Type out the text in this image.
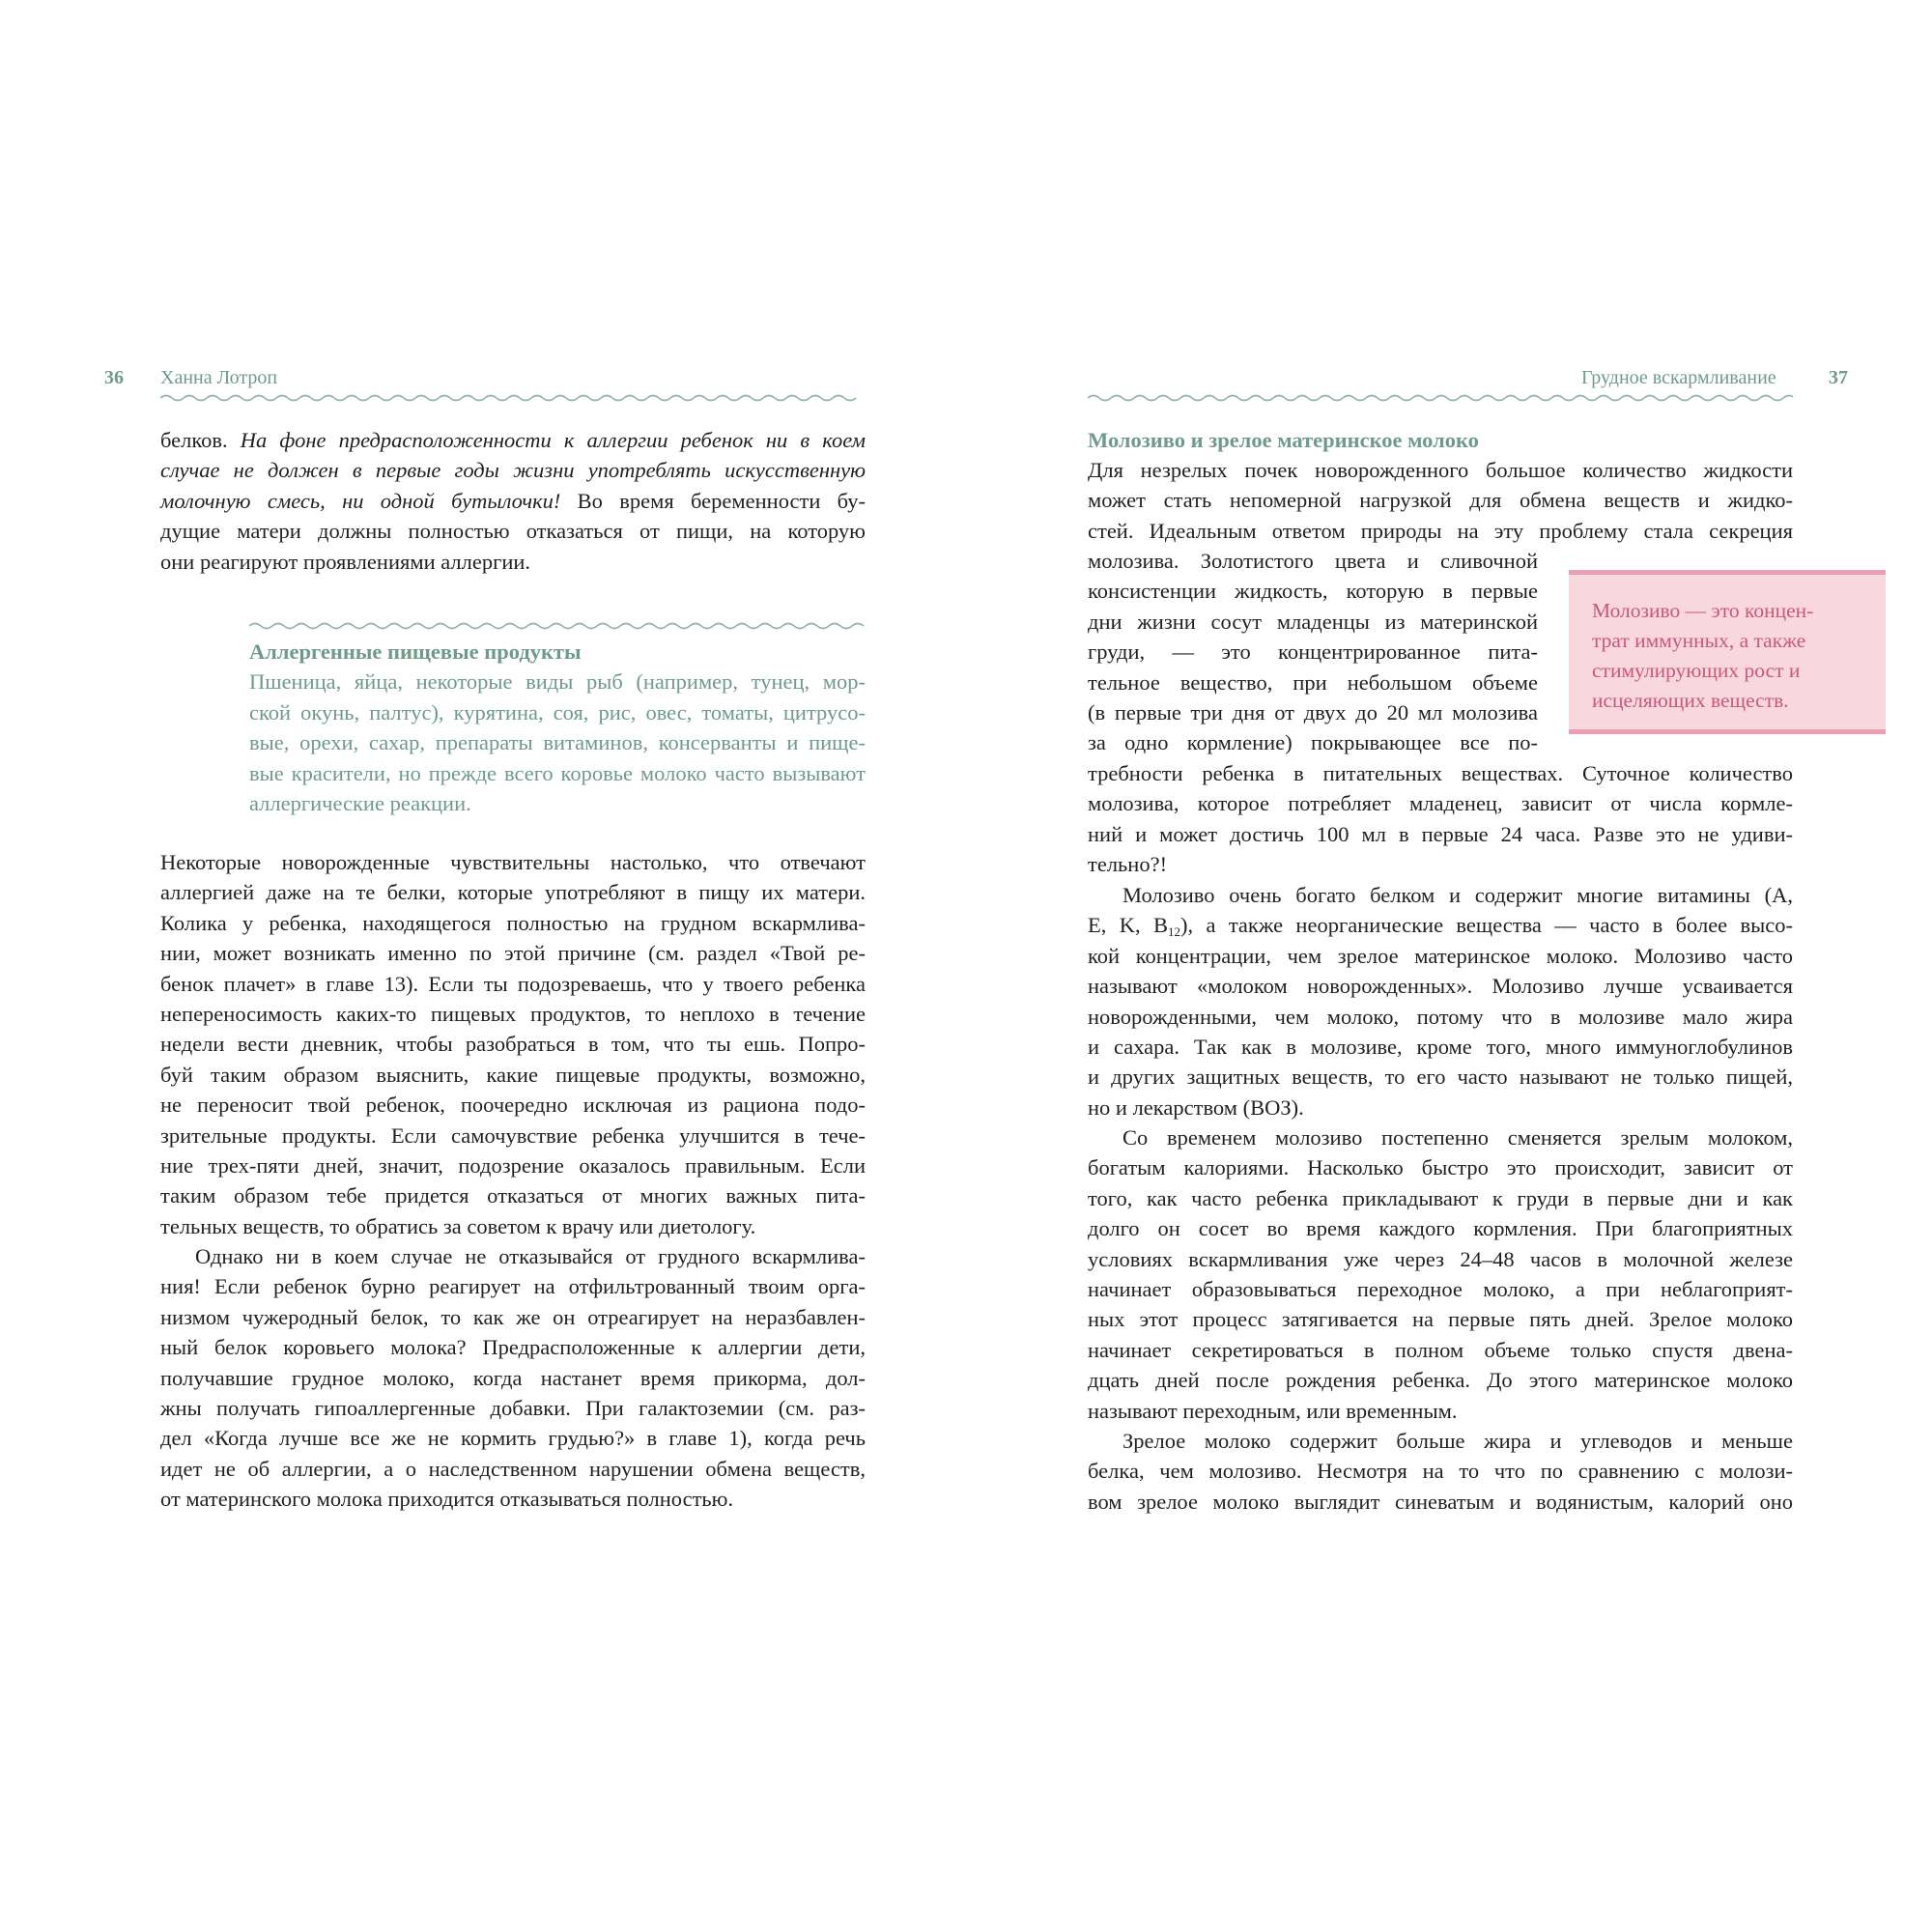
36 Ханна Лотроп
белков. На фоне предрасположенности к аллергии ребенок ни в коем
случае не должен в первые годы жизни употреблять искусственную
молочную смесь, ни одной бутылочки! Во время беременности бу-
дущие матери должны полностью отказаться от пищи, на которую
они реагируют проявлениями аллергии.
Аллергенные пищевые продукты
Пшеница, яйца, некоторые виды рыб (например, тунец, мор-
ской окунь, палтус), курятина, соя, рис, овес, томаты, цитрусо-
вые, орехи, сахар, препараты витаминов, консерванты и пище-
вые красители, но прежде всего коровье молоко часто вызывают
аллергические реакции.
Некоторые новорожденные чувствительны настолько, что отвечают
аллергией даже на те белки, которые употребляют в пищу их матери.
Колика у ребенка, находящегося полностью на грудном вскармлива-
нии, может возникать именно по этой причине (см. раздел «Твой ре-
бенок плачет» в главе 13). Если ты подозреваешь, что у твоего ребенка
непереносимость каких-то пищевых продуктов, то неплохо в течение
недели вести дневник, чтобы разобраться в том, что ты ешь. Попро-
буй таким образом выяснить, какие пищевые продукты, возможно,
не переносит твой ребенок, поочередно исключая из рациона подо-
зрительные продукты. Если самочувствие ребенка улучшится в тече-
ние трех-пяти дней, значит, подозрение оказалось правильным. Если
таким образом тебе придется отказаться от многих важных пита-
тельных веществ, то обратись за советом к врачу или диетологу.
Однако ни в коем случае не отказывайся от грудного вскармлива-
ния! Если ребенок бурно реагирует на отфильтрованный твоим орга-
низмом чужеродный белок, то как же он отреагирует на неразбавлен-
ный белок коровьего молока? Предрасположенные к аллергии дети,
получавшие грудное молоко, когда настанет время прикорма, дол-
жны получать гипоаллергенные добавки. При галактоземии (см. раз-
дел «Когда лучше все же не кормить грудью?» в главе 1), когда речь
идет не об аллергии, а о наследственном нарушении обмена веществ,
от материнского молока приходится отказываться полностью.
Грудное вскармливание	37
Молозиво и зрелое материнское молоко
Для незрелых почек новорожденного большое количество жидкости
может стать непомерной нагрузкой для обмена веществ и жидко-
стей. Идеальным ответом природы на эту проблему стала секреция
молозива. Золотистого цвета и сливочной
консистенции жидкость, которую в первые
дни жизни сосут младенцы из материнской
груди, — это концентрированное пита-
тельное вещество, при небольшом объеме
(в первые три дня от двух до 20 мл молозива
за одно кормление) покрывающее все по-
Молозиво — это концен-
трат иммунных, а также
стимулирующих рост и
исцеляющих веществ.
требности ребенка в питательных веществах. Суточное количество
молозива, которое потребляет младенец, зависит от числа кормле-
ний и может достичь 100 мл в первые 24 часа. Разве это не удиви-
тельно?!
Молозиво очень богато белком и содержит многие витамины (A,
E, K, $B_{12}$), а также неорганические вещества — часто в более высо-
кой концентрации, чем зрелое материнское молоко. Молозиво часто
называют «молоком новорожденных». Молозиво лучше усваивается
новорожденными, чем молоко, потому что в молозиве мало жира
и сахара. Так как в молозиве, кроме того, много иммуноглобулинов
и других защитных веществ, то его часто называют не только пищей,
но и лекарством (ВОЗ).
Со временем молозиво постепенно сменяется зрелым молоком,
богатым калориями. Насколько быстро это происходит, зависит от
того, как часто ребенка прикладывают к груди в первые дни и как
долго он сосет во время каждого кормления. При благоприятных
условиях вскармливания уже через 24–48 часов в молочной железе
начинает образовываться переходное молоко, а при неблагоприят-
ных этот процесс затягивается на первые пять дней. Зрелое молоко
начинает секретироваться в полном объеме только спустя двена-
дцать дней после рождения ребенка. До этого материнское молоко
называют переходным, или временным.
Зрелое молоко содержит больше жира и углеводов и меньше
белка, чем молозиво. Несмотря на то что по сравнению с молози-
вом зрелое молоко выглядит синеватым и водянистым, калорий оно
